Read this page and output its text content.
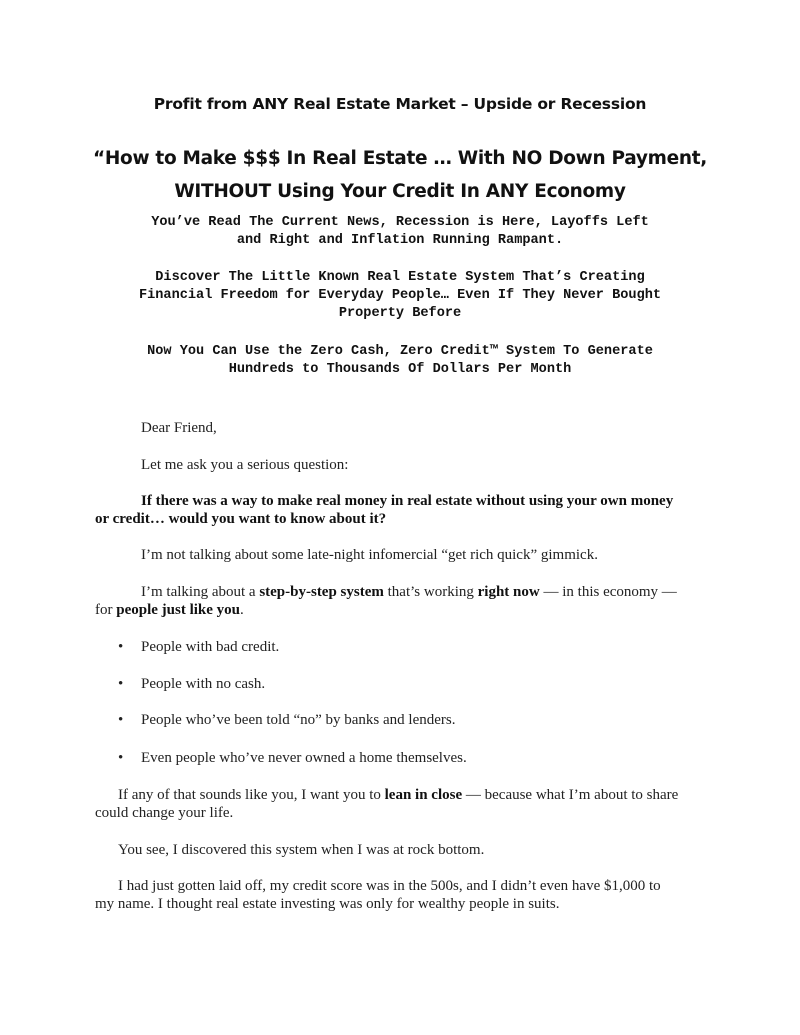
Profit from ANY Real Estate Market – Upside or Recession
“How to Make $$$ In Real Estate … With NO Down Payment,
WITHOUT Using Your Credit In ANY Economy
You’ve Read The Current News, Recession is Here, Layoffs Left
and Right and Inflation Running Rampant.
Discover The Little Known Real Estate System That’s Creating
Financial Freedom for Everyday People… Even If They Never Bought
Property Before
Now You Can Use the Zero Cash, Zero Credit™ System To Generate
Hundreds to Thousands Of Dollars Per Month
Dear Friend,
Let me ask you a serious question:
If there was a way to make real money in real estate without using your own money
or credit… would you want to know about it?
I’m not talking about some late-night infomercial “get rich quick” gimmick.
I’m talking about a step-by-step system that’s working right now — in this economy —
for people just like you.
• People with bad credit.
• People with no cash.
• People who’ve been told “no” by banks and lenders.
• Even people who’ve never owned a home themselves.
If any of that sounds like you, I want you to lean in close — because what I’m about to share
could change your life.
You see, I discovered this system when I was at rock bottom.
I had just gotten laid off, my credit score was in the 500s, and I didn’t even have $1,000 to
my name. I thought real estate investing was only for wealthy people in suits.
